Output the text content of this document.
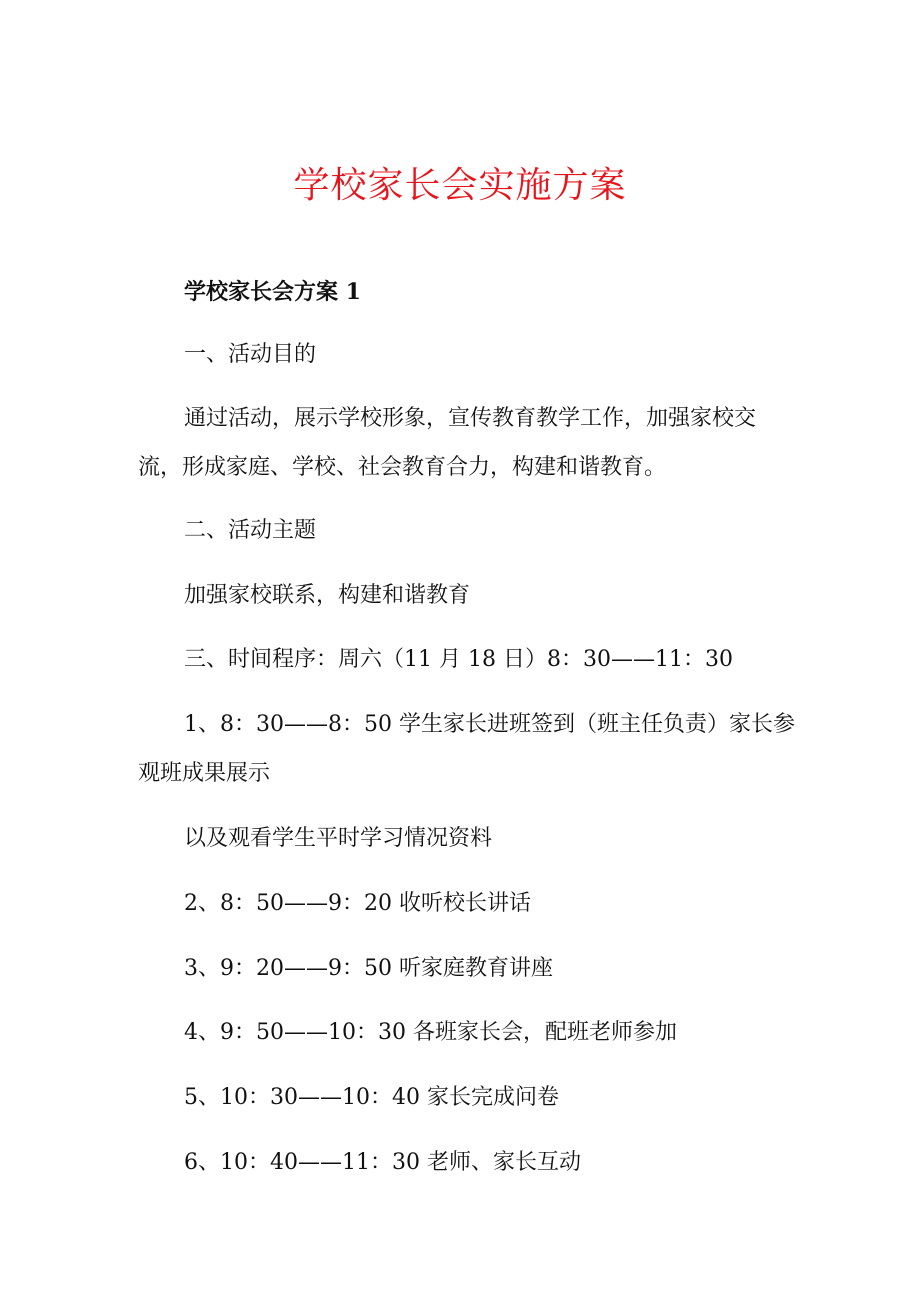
学校家长会实施方案
学校家长会方案 1
一、活动目的
通过活动，展示学校形象，宣传教育教学工作，加强家校交
流，形成家庭、学校、社会教育合力，构建和谐教育。
二、活动主题
加强家校联系，构建和谐教育
三、时间程序：周六（11 月 18 日）8：30——11：30
1、8：30——8：50 学生家长进班签到（班主任负责）家长参
观班成果展示
以及观看学生平时学习情况资料
2、8：50——9：20 收听校长讲话
3、9：20——9：50 听家庭教育讲座
4、9：50——10：30 各班家长会，配班老师参加
5、10：30——10：40 家长完成问卷
6、10：40——11：30 老师、家长互动
